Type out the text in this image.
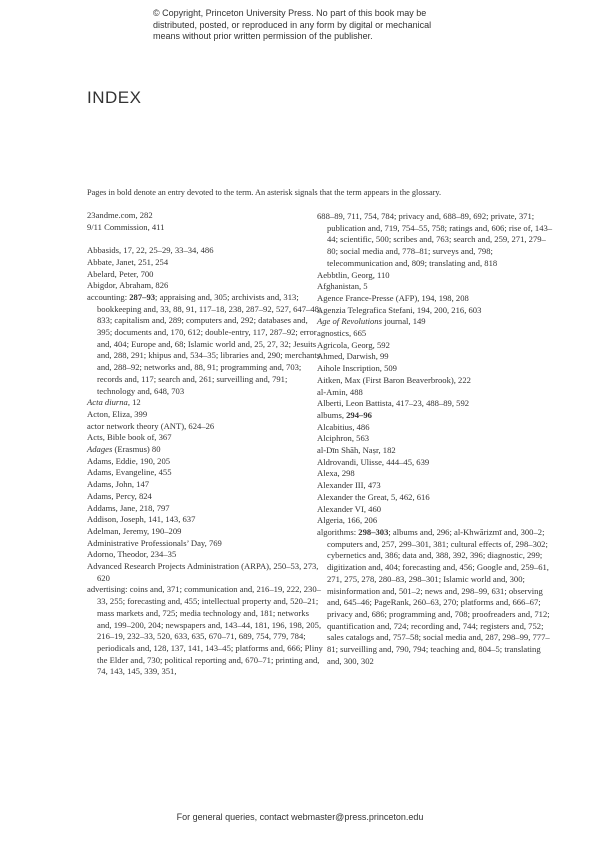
© Copyright, Princeton University Press. No part of this book may be distributed, posted, or reproduced in any form by digital or mechanical means without prior written permission of the publisher.
INDEX
Pages in bold denote an entry devoted to the term. An asterisk signals that the term appears in the glossary.

23andme.com, 282

9/11 Commission, 411

Abbasids, 17, 22, 25–29, 33–34, 486

Abbate, Janet, 251, 254

Abelard, Peter, 700

Abigdor, Abraham, 826

accounting: 287–93; appraising and, 305; archivists and, 313; bookkeeping and, 33, 88, 91, 117–18, 238, 287–92, 527, 647–48, 833; capitalism and, 289; computers and, 292; databases and, 395; documents and, 170, 612; double-entry, 117, 287–92; error and, 404; Europe and, 68; Islamic world and, 25, 27, 32; Jesuits and, 288, 291; khipus and, 534–35; libraries and, 290; merchants and, 288–92; networks and, 88, 91; programming and, 703; records and, 117; search and, 261; surveilling and, 791; technology and, 648, 703

Acta diurna, 12

Acton, Eliza, 399

actor network theory (ANT), 624–26

Acts, Bible book of, 367

Adages (Erasmus) 80

Adams, Eddie, 190, 205

Adams, Evangeline, 455

Adams, John, 147

Adams, Percy, 824

Addams, Jane, 218, 797

Addison, Joseph, 141, 143, 637

Adelman, Jeremy, 190–209

Administrative Professionals’ Day, 769

Adorno, Theodor, 234–35

Advanced Research Projects Administration (ARPA), 250–53, 273, 620

advertising: coins and, 371; communication and, 216–19, 222, 230–33, 255; forecasting and, 455; intellectual property and, 520–21; mass markets and, 725; media technology and, 181; networks and, 199–200, 204; newspapers and, 143–44, 181, 196, 198, 205, 216–19, 232–33, 520, 633, 635, 670–71, 689, 754, 779, 784; periodicals and, 128, 137, 141, 143–45; platforms and, 666; Pliny the Elder and, 730; political reporting and, 670–71; printing and, 74, 143, 145, 339, 351,

688–89, 711, 754, 784; privacy and, 688–89, 692; private, 371; publication and, 719, 754–55, 758; ratings and, 606; rise of, 143–44; scientific, 500; scribes and, 763; search and, 259, 271, 279–80; social media and, 778–81; surveys and, 798; telecommunication and, 809; translating and, 818

Aebbtlin, Georg, 110

Afghanistan, 5

Agence France-Presse (AFP), 194, 198, 208

Agenzia Telegrafica Stefani, 194, 200, 216, 603

Age of Revolutions journal, 149

agnostics, 665

Agricola, Georg, 592

Ahmed, Darwish, 99

Aihole Inscription, 509

Aitken, Max (First Baron Beaverbrook), 222

al-Amin, 488

Alberti, Leon Battista, 417–23, 488–89, 592

albums, 294–96

Alcabitius, 486

Alciphron, 563

al-Dīn Shāh, Naṣr, 182

Aldrovandi, Ulisse, 444–45, 639

Alexa, 298

Alexander III, 473

Alexander the Great, 5, 462, 616

Alexander VI, 460

Algeria, 166, 206

algorithms: 298–303; albums and, 296; al-Khwārizmī and, 300–2; computers and, 257, 299–301, 381; cultural effects of, 298–302; cybernetics and, 386; data and, 388, 392, 396; diagnostic, 299; digitization and, 404; forecasting and, 456; Google and, 259–61, 271, 275, 278, 280–83, 298–301; Islamic world and, 300; misinformation and, 501–2; news and, 298–99, 631; observing and, 645–46; PageRank, 260–63, 270; platforms and, 666–67; privacy and, 686; programming and, 708; proofreaders and, 712; quantification and, 724; recording and, 744; registers and, 752; sales catalogs and, 757–58; social media and, 287, 298–99, 777–81; surveilling and, 790, 794; teaching and, 804–5; translating and, 300, 302

For general queries, contact webmaster@press.princeton.edu
